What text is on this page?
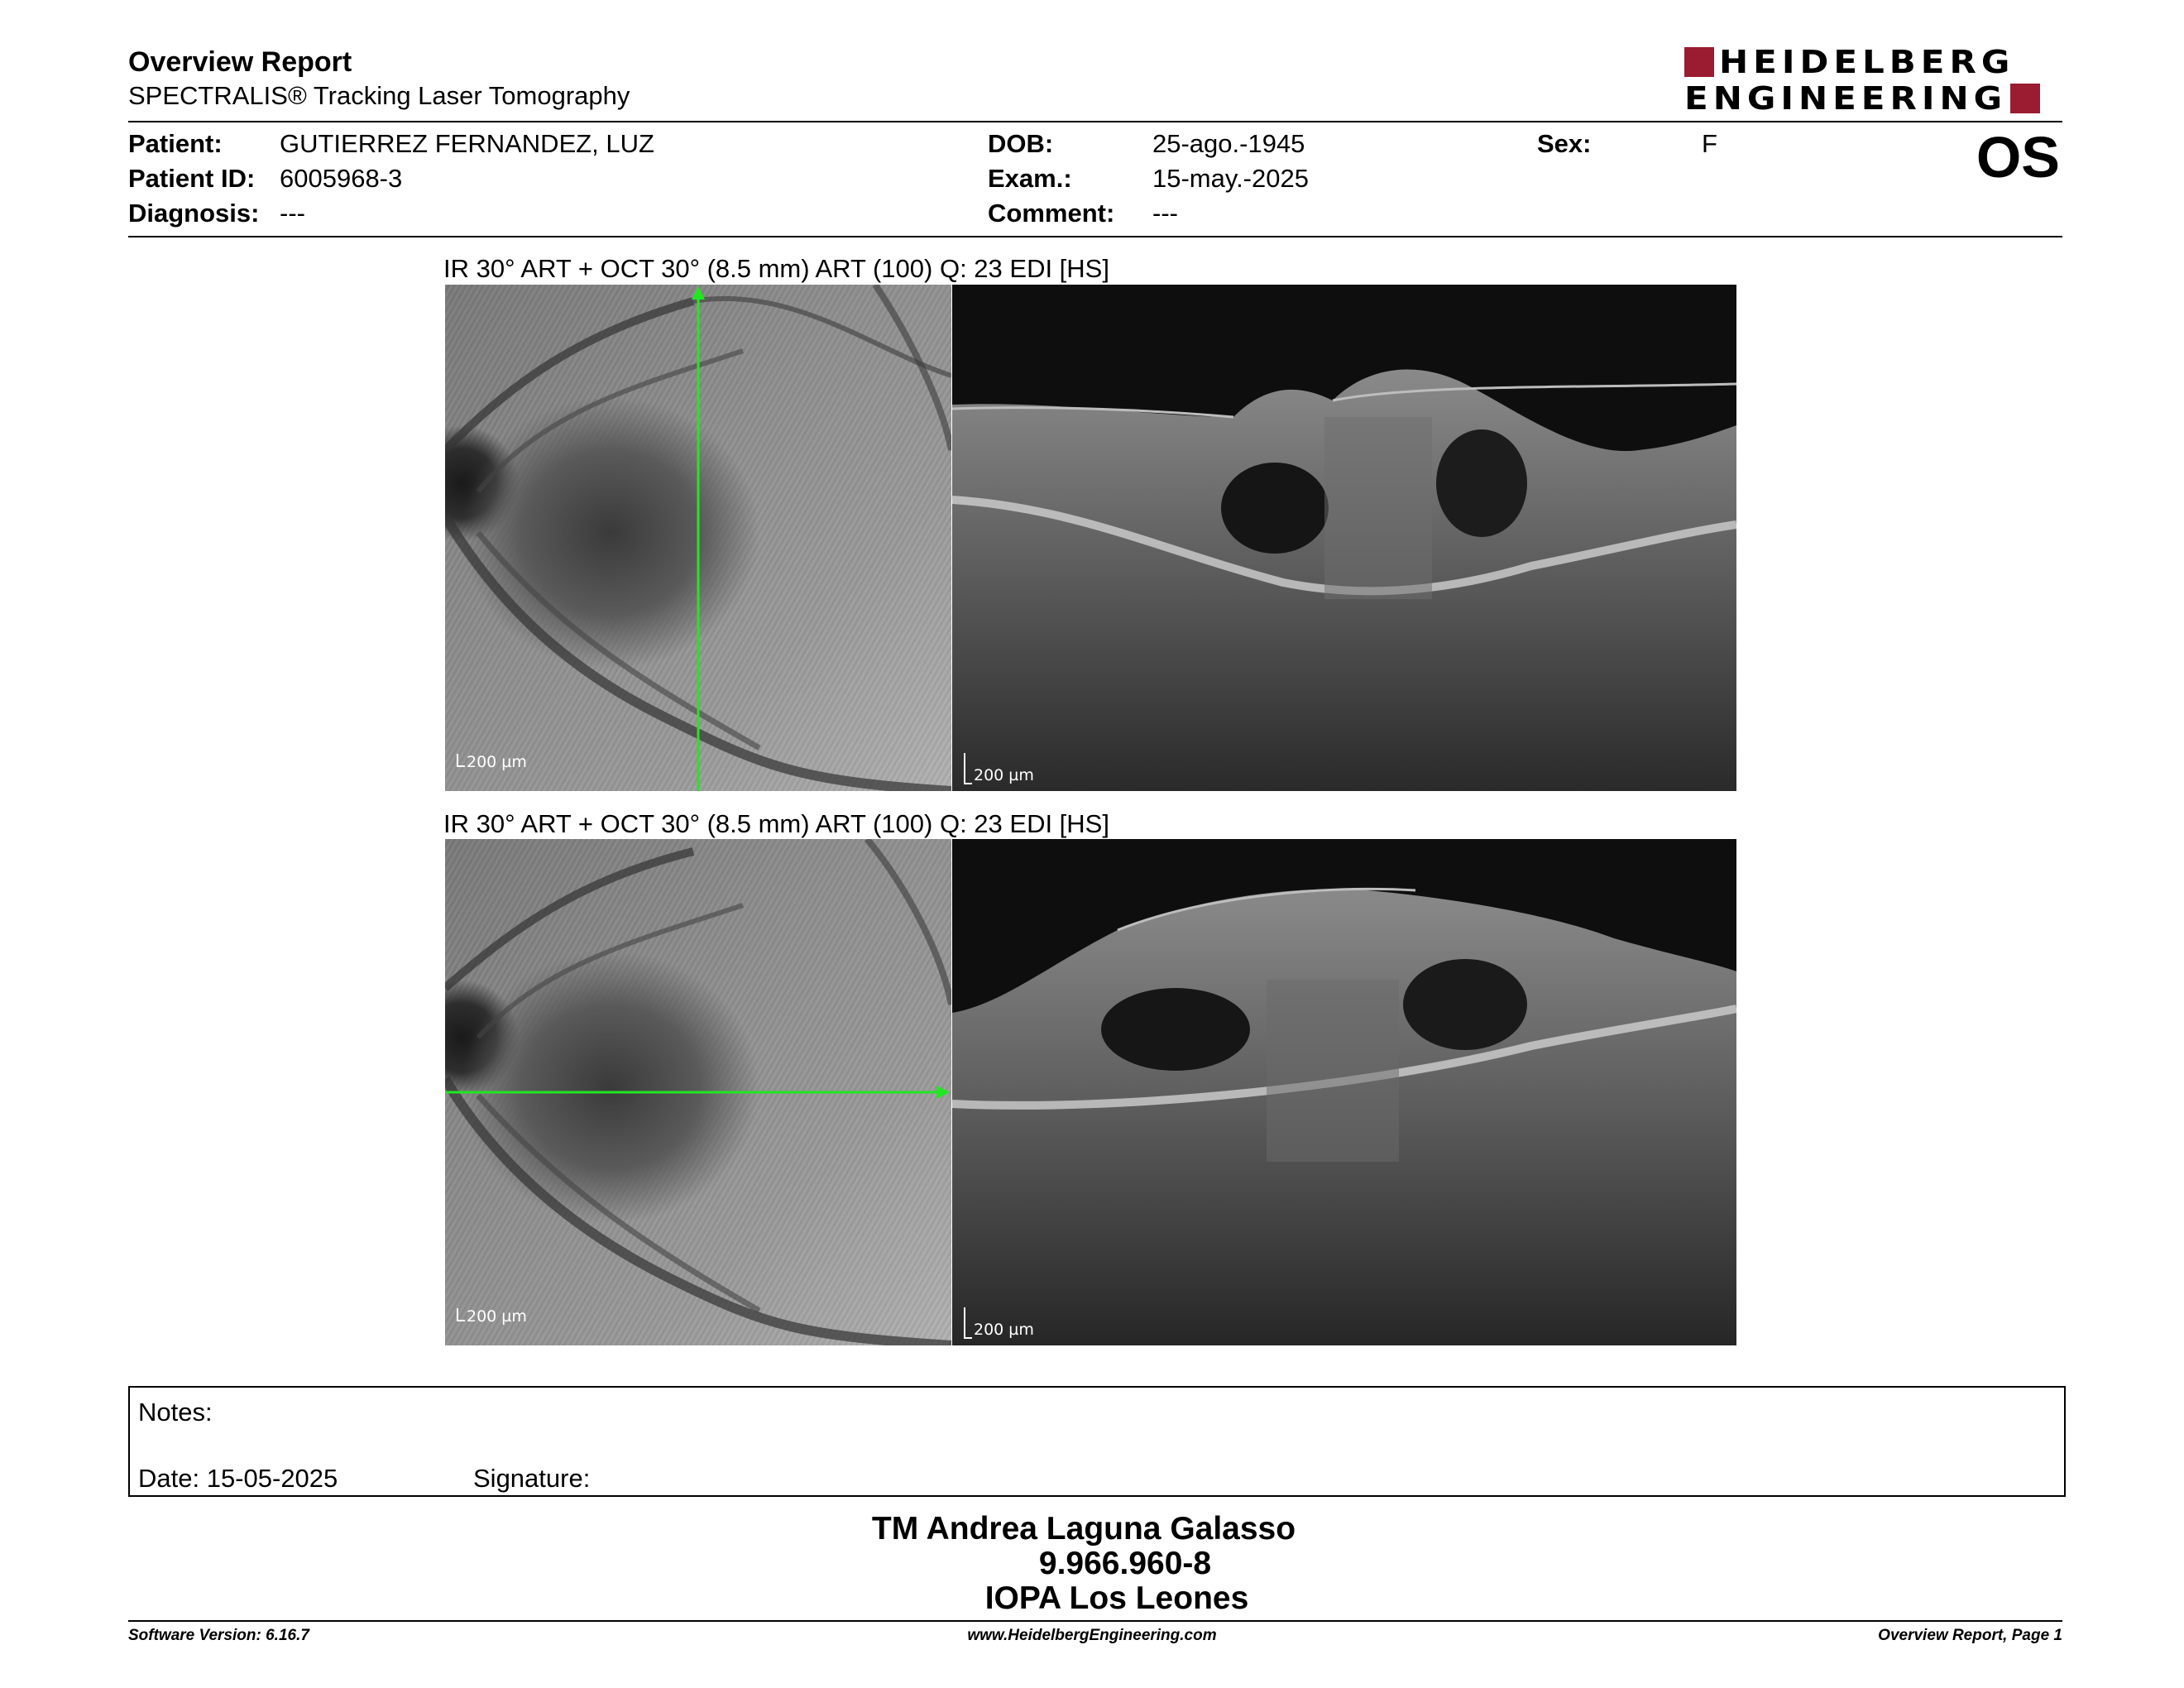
Overview Report
SPECTRALIS® Tracking Laser Tomography
HEIDELBERG
ENGINEERING
Patient: GUTIERREZ FERNANDEZ, LUZ
Patient ID: 6005968-3
Diagnosis: ---
DOB:	25-ago.-1945
Exam.:	15-may.-2025
Comment: ---
Sex:	F	OS
IR 30° ART + OCT 30° (8.5 mm) ART (100) Q: 23 EDI [HS]
200 µm
200 µm
IR 30° ART + OCT 30° (8.5 mm) ART (100) Q: 23 EDI [HS]
200 µm
200 µm
Notes:
Date: 15-05-2025	Signature:
TM Andrea Laguna Galasso
9.966.960-8
IOPA Los Leones
Software Version: 6.16.7	www.HeidelbergEngineering.com	Overview Report, Page 1
